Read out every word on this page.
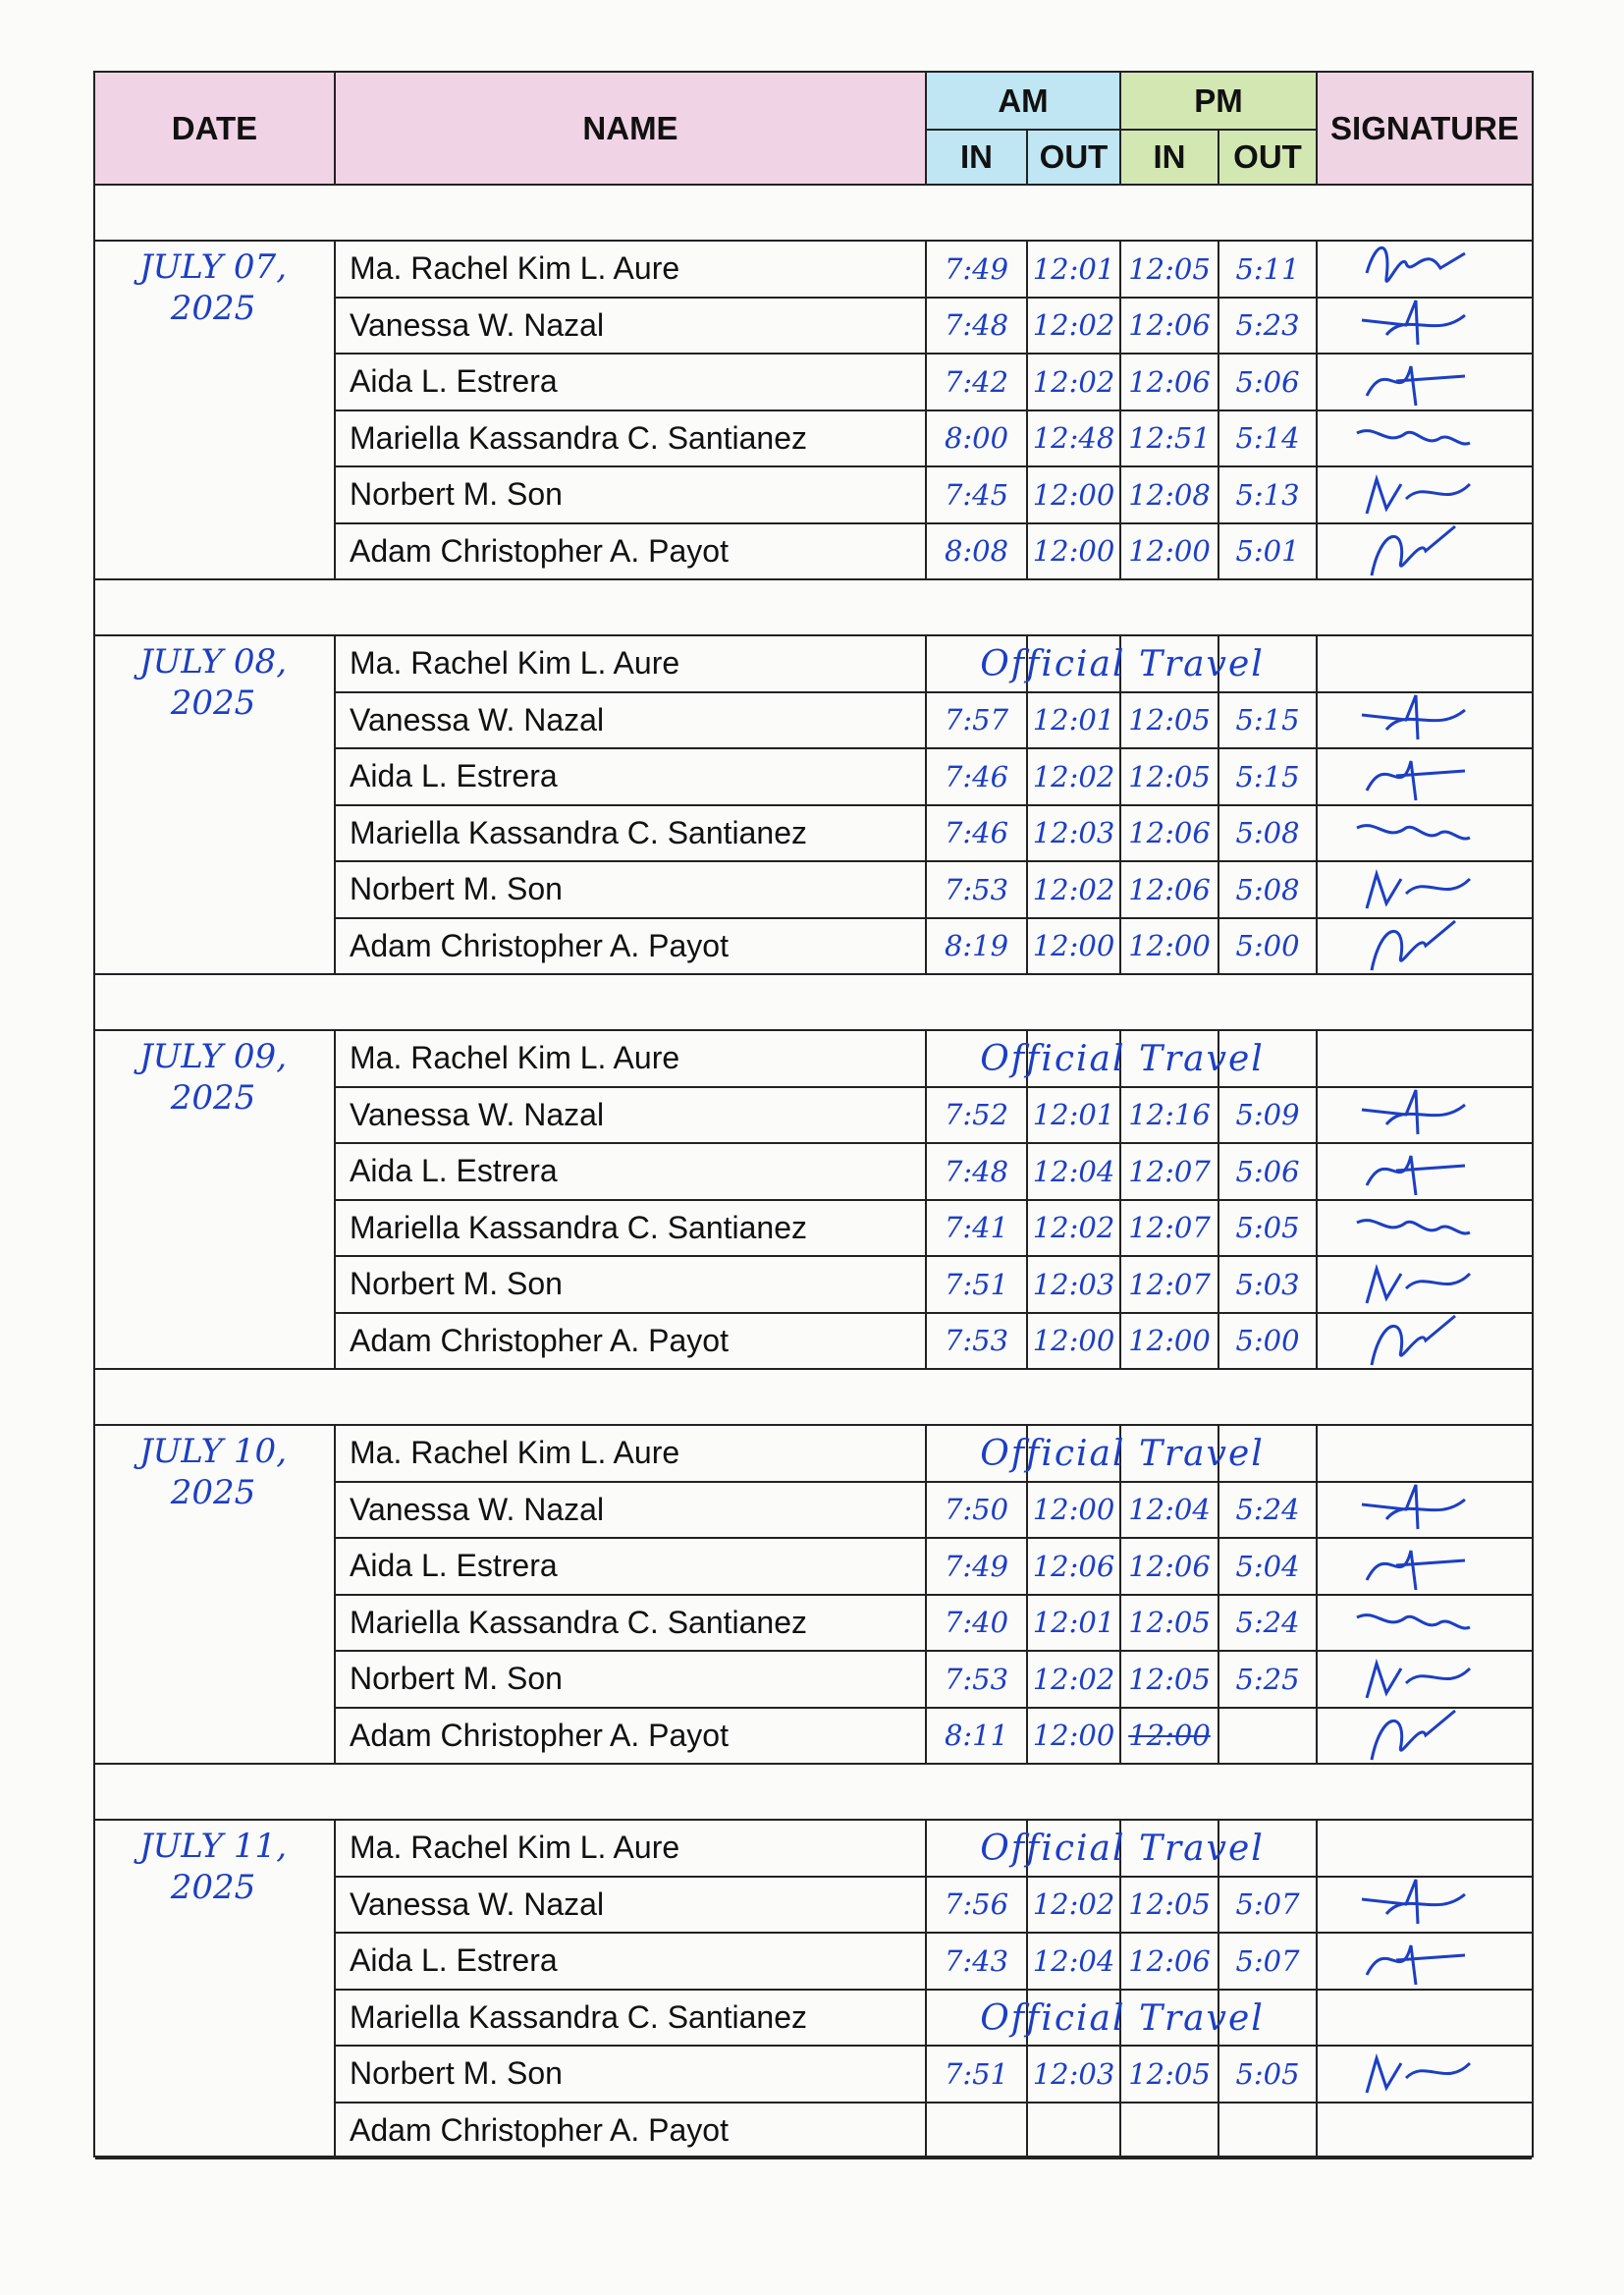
DATE	NAME
AM
IN	OUT
PM
IN	OUT
SIGNATURE
JULY 07,
2025
Ma. Rachel Kim L. Aure	7:49 12:01 12:05 5:11
Vanessa W. Nazal	7:48 12:02 12:06 5:23
Aida L. Estrera	7:42 12:02 12:06 5:06
Mariella Kassandra C. Santianez	8:00 12:48 12:51 5:14
Norbert M. Son	7:45 12:00 12:08 5:13
Adam Christopher A. Payot	8:08 12:00 12:00 5:01
JULY 08,
2025
Ma. Rachel Kim L. Aure	Official Travel
Vanessa W. Nazal	7:57 12:01 12:05 5:15
Aida L. Estrera	7:46 12:02 12:05 5:15
Mariella Kassandra C. Santianez	7:46 12:03 12:06 5:08
Norbert M. Son	7:53 12:02 12:06 5:08
Adam Christopher A. Payot	8:19 12:00 12:00 5:00
JULY 09,
2025
Ma. Rachel Kim L. Aure	Official Travel
Vanessa W. Nazal	7:52 12:01 12:16 5:09
Aida L. Estrera	7:48 12:04 12:07 5:06
Mariella Kassandra C. Santianez	7:41 12:02 12:07 5:05
Norbert M. Son	7:51 12:03 12:07 5:03
Adam Christopher A. Payot	7:53 12:00 12:00 5:00
JULY 10,
2025
Ma. Rachel Kim L. Aure	Official Travel
Vanessa W. Nazal	7:50 12:00 12:04 5:24
Aida L. Estrera	7:49 12:06 12:06 5:04
Mariella Kassandra C. Santianez	7:40 12:01 12:05 5:24
Norbert M. Son	7:53 12:02 12:05 5:25
Adam Christopher A. Payot	8:11 12:00 12:00
JULY 11,
2025
Ma. Rachel Kim L. Aure	Official Travel
Vanessa W. Nazal	7:56 12:02 12:05 5:07
Aida L. Estrera	7:43 12:04 12:06 5:07
Mariella Kassandra C. Santianez	Official Travel
Norbert M. Son	7:51 12:03 12:05 5:05
Adam Christopher A. Payot
